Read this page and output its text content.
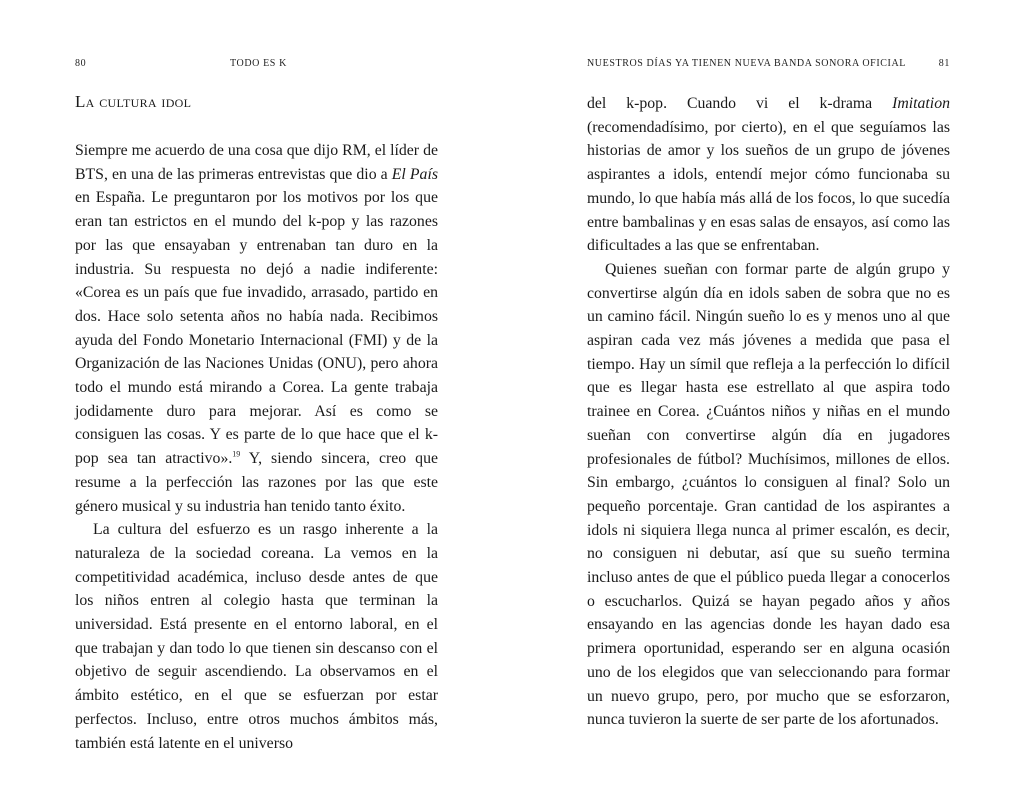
80	TODO ES K
La cultura idol

Siempre me acuerdo de una cosa que dijo RM, el líder de BTS, en una de las primeras entrevistas que dio a El País en España. Le preguntaron por los motivos por los que eran tan estrictos en el mundo del k-pop y las razones por las que ensayaban y entrenaban tan duro en la industria. Su respuesta no dejó a nadie indiferente: «Corea es un país que fue invadido, arrasado, partido en dos. Hace solo setenta años no había nada. Recibimos ayuda del Fondo Monetario Internacional (FMI) y de la Organización de las Naciones Unidas (ONU), pero ahora todo el mundo está mirando a Corea. La gente trabaja jodidamente duro para mejorar. Así es como se consiguen las cosas. Y es parte de lo que hace que el k-pop sea tan atractivo».$^{19}$ Y, siendo sincera, creo que resume a la perfección las razones por las que este género musical y su industria han tenido tanto éxito.

La cultura del esfuerzo es un rasgo inherente a la naturaleza de la sociedad coreana. La vemos en la competitividad académica, incluso desde antes de que los niños entren al colegio hasta que terminan la universidad. Está presente en el entorno laboral, en el que trabajan y dan todo lo que tienen sin descanso con el objetivo de seguir ascendiendo. La observamos en el ámbito estético, en el que se esfuerzan por estar perfectos. Incluso, entre otros muchos ámbitos más, también está latente en el universo

NUESTROS DÍAS YA TIENEN NUEVA BANDA SONORA OFICIAL	81

del k-pop. Cuando vi el k-drama Imitation (recomendadísimo, por cierto), en el que seguíamos las historias de amor y los sueños de un grupo de jóvenes aspirantes a idols, entendí mejor cómo funcionaba su mundo, lo que había más allá de los focos, lo que sucedía entre bambalinas y en esas salas de ensayos, así como las dificultades a las que se enfrentaban.

Quienes sueñan con formar parte de algún grupo y convertirse algún día en idols saben de sobra que no es un camino fácil. Ningún sueño lo es y menos uno al que aspiran cada vez más jóvenes a medida que pasa el tiempo. Hay un símil que refleja a la perfección lo difícil que es llegar hasta ese estrellato al que aspira todo trainee en Corea. ¿Cuántos niños y niñas en el mundo sueñan con convertirse algún día en jugadores profesionales de fútbol? Muchísimos, millones de ellos. Sin embargo, ¿cuántos lo consiguen al final? Solo un pequeño porcentaje. Gran cantidad de los aspirantes a idols ni siquiera llega nunca al primer escalón, es decir, no consiguen ni debutar, así que su sueño termina incluso antes de que el público pueda llegar a conocerlos o escucharlos. Quizá se hayan pegado años y años ensayando en las agencias donde les hayan dado esa primera oportunidad, esperando ser en alguna ocasión uno de los elegidos que van seleccionando para formar un nuevo grupo, pero, por mucho que se esforzaron, nunca tuvieron la suerte de ser parte de los afortunados.
